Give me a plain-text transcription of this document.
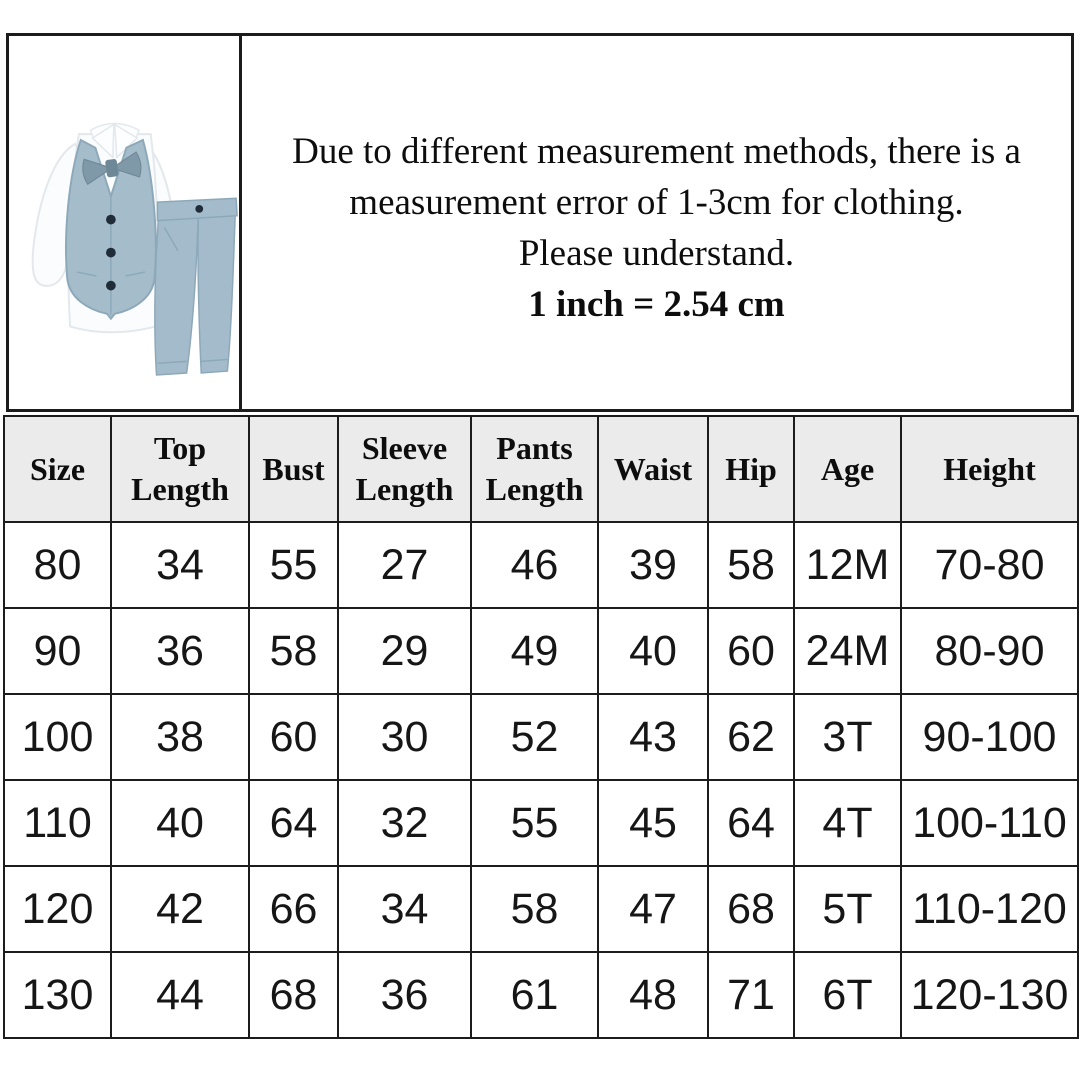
Due to different measurement methods, there is a

measurement error of 1-3cm for clothing.

Please understand.

1 inch = 2.54 cm

Size	Top Length	Bust	Sleeve Length	Pants Length	Waist	Hip	Age	Height
80	34	55	27	46	39	58	12M	70-80
90	36	58	29	49	40	60	24M	80-90
100	38	60	30	52	43	62	3T	90-100
110	40	64	32	55	45	64	4T	100-110
120	42	66	34	58	47	68	5T	110-120
130	44	68	36	61	48	71	6T	120-130
